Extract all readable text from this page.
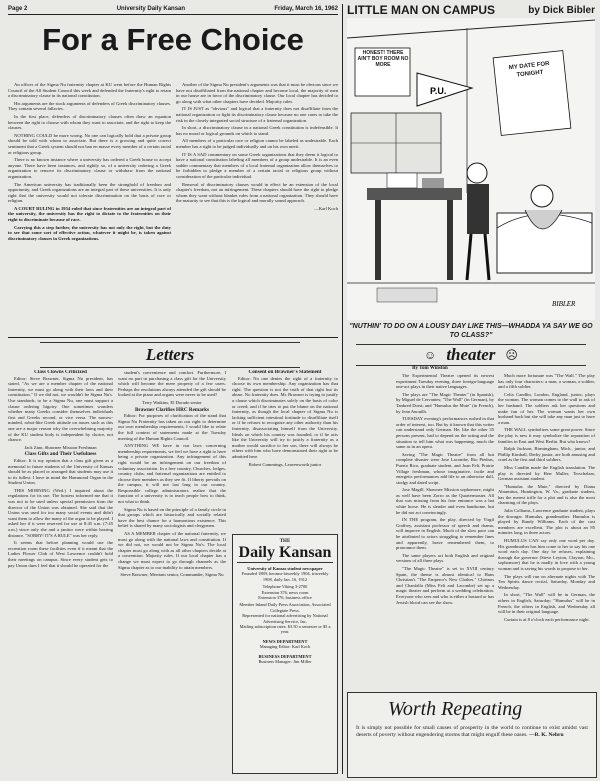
Page 2	University Daily Kansan	Friday, March 16, 1962
For a Free Choice

An officer of the Sigma Nu fraternity chapter at KU went before the Human Rights Council of the All Student Council this week and defended the fraternity's right to retain a discriminatory clause in its national constitution.

His arguments are the stock arguments of defenders of Greek discriminatory clauses. They contain several fallacies.

In the first place, defenders of discriminatory clauses often draw an equation between the right to choose with whom they want to associate, and the right to keep the clauses.

NOTHING COULD be more wrong. No one can logically hold that a private group should be told with whom to associate. But there is a growing and quite correct sentiment that a Greek system should not ban en masse every member of a certain racial or religious group.

There is no known instance where a university has ordered a Greek house to accept anyone. There have been instances, and rightly so, of a university ordering a Greek organization to remove its discriminatory clause or withdraw from the national organization.

The American university has traditionally been the stronghold of freedom and opportunity, and Greek organizations are an integral part of these universities. It is only right that the university would not tolerate discrimination on the basis of race or religion.

A COURT RULING in 1954 ruled that since fraternities are an integral part of the university, the university has the right to dictate to the fraternities on their right to discriminate because of race.

Carrying this a step farther, the university has not only the right, but the duty to see that some sort of effective action, whatever it might be, is taken against discriminatory clauses in Greek organizations.

Another of the Sigma Nu president's arguments was that it must be obvious since we have not disaffiliated from the national chapter and become local, the majority of men in our house are in favor of the discriminatory clause. Our local chapter has decided to go along with what other chapters have decided. Majority rules.

IT IS JUST as "obvious" and logical that a fraternity does not disaffiliate from the national organization or fight its discriminatory clause because no one cares to take the risk in the closely integrated social structure of a fraternal organization.

In short, a discriminatory clause in a national Greek constitution is indefensible. It has no moral or logical grounds on which to stand.

All members of a particular race or religion cannot be labeled as undesirable. Each member has a right to be judged individually and on his own merit.

IT IS A SAD commentary on some Greek organizations that they deem it logical to have a national constitution labeling all members of a group undesirable. It is an even sadder commentary that members of a local fraternal organization allow themselves to be forbidden to pledge a member of a certain racial or religious group without consideration of the particular individual.

Removal of discriminatory clauses would in effect be an extension of the local chapter's freedom, not an infringement. These chapters should have the right to pledge whom they want without blanket rules from a national organization. They should have the maturity to see that this is the logical and morally sound approach.

—Karl Koch

LITTLE MAN ON CAMPUS	by Dick Bibler
P.U.
HONEST! THERE AIN'T BOY ROOM NO MORE	MY DATE FOR TONIGHT
BIBLER
"NUTHIN' TO DO ON A LOUSY DAY LIKE THIS—WHADDA YA SAY WE GO TO CLASS?"
☺ theater ☹
By Tom Winston

The Experimental Theatre opened its newest experiment Tuesday evening, three foreign-language one-act plays in their native languages.

The plays are "The Magic Theater" (in Spanish), by Miguel de Cervantes; "The Wall" (in German), by Tankred Dorst; and "Humulus the Mute" (in French), by Jean Anouilh.

TUESDAY evening's performances rushed in that order of interest, too. But by it known that this writer can understand only German. He, like the other 35 persons present, had to depend on the acting and the situation to tell him what was happening, much the same as in an opera.

Saving "The Magic Theatre" from all but complete disaster were Jose Lacombe, Rio Piedras, Puerto Rico, graduate student, and Joan Felt, Prairie Village freshman, whose imaginative, facile and energetic performances add life to an otherwise dull, stodgy and dated script.

Jose Magill, Shawnee Mission sophomore, might as well have been Zorro as the Quartermaster. All that was missing from his four entrance was a hat white horse. He is slender and even handsome, but he did not act convincingly.

IN THE program, the play, directed by Virgil Godfrey, assistant professor of speech and drama, will improve in English. Much of the slow pace can be attributed to actors struggling to remember lines and apparently, brave remembered them, to pronounce them.

The same players act both English and original versions of all three plays.

"The Magic Theatre" is set in XVIII century Spain, the theme is almost identical to Hans Christian's "The Emperor's New Clothes." Chirinos and Chanfalla (Miss Felt and Lacombe) set up a magic theater and perform at a wedding celebration. Everyone who sees and who is either a bastard or has Jewish blood can see the show.

Much more fortunate was "The Wall." The play has only four characters: a man, a woman, a soldier, and a fifth soldier.

Celia Candlin, London, England, junior, plays the woman. The woman comes to the wall to ask of her husband. The soldiers ask her questions and make fun of her. The woman wants her own husband back but she will take any man just to have a man.

THE WALL symbolizes some great power. Since the play is new it may symbolize the separation of families in East and West Berlin. But who knows?

Ralph Jackson, Birmingham, Mich., junior, and Phillip Kimball, Derby junior, are both amusing and cruel as the first and third soldiers.

Miss Candlin made the English translation. The play is directed by Herr Muller, Terschelaar, German assistant student.

"Humulus the Mute," directed by Diana Abramitus, Huntington, W. Va., graduate student, has the merest trifle for a plot and is also the most charming of the plays.

Julia Colliams, Lawrence graduate student, plays the dowager. Humulus, grandmother. Humulus is played by Randy Williams. Each of the cast members are excellent. The plot is about an 85 minutes long, in three actors.

HUMULUS CAN say only one word per day. His grandmother has him come to her to say his one word each day. One day he refuses, explaining through the governor (Steve Leyton, Clayton, Mo., sophomore) that he is madly in love with a young woman and is saving his words to propose to her.

The plays will run on alternate nights with The Ten Spirits dance recital, Saturday, Monday and Wednesday.

In short, "The Wall" will be in German, the others in English, Saturday; "Humulus" will be in French, the others in English, and Wednesday all will be in their original language.

Curtain is at 8 o'clock each performance night.

Letters
Class Clowns Criticized

Editor: Steve Brawner, Sigma Nu president, has stated, "As we are a member chapter of the national fraternity, we must go along with their laws and their constitution." If we did not, we wouldn't be Sigma Nu's. Our standards, to be a Sigma Nu, one must support a clause ordering bigotry. One sometimes wonders whether many Greeks consider themselves individuals first and Greeks second, or vice versa. The narrow-minded, robot-like Greek attitude on issues such as this one are a major reason why the overwhelming majority of the KU student body is independent by choice, not chance.

Jack Zinn, Shawnee Mission Freshman

Class Gifts and Their Usefulness

Editor: It is my opinion that a class gift given as a memorial to future students of the University of Kansas should be as placed or arranged that students may use it to its fullest. I have in mind the Hammond Organ in the Student Union.

THIS MORNING (Wed.) I inquired about the regulations for its use. The hostess informed me that it was not to be used unless special permission from the director of the Union was obtained. She said that the Union was used for too many social events and didn't want them to allow the many of the organ to be played. I asked her if it were reserved for use at 8:45 a.m. (7:45 a.m.) since only she and a janitor were within hearing distance. "SORRY! IT'S A RULE" was her reply.

It seems that before planning would use the recreation room these facilities even if it meant that the Ladies Flower Club of West Lawrence couldn't hold their meetings on campus. Since every student gets to pay Union dues I feel that it should be operated for the

student's convenience and comfort. Furthermore, I want no part in purchasing a class gift for the University which will become the mere property of a few users. Perhaps the resolutions always attended the gift should be looked at the piano and organs were never to be used!

Terry Watkins, El Dorado senior

Brawner Clarifies HRC Remarks

Editor: For purposes of clarification of the stand that Sigma Nu Fraternity has taken on our right to determine our own membership requirements, I would like to relate the full context of statements made at the Tuesday meeting of the Human Rights Council.

ANYTHING WE have in our laws concerning membership requirements, we feel we have a right to have being a private organization. Any infringement of this right would be an infringement on our freedom of voluntary association. In a free country, Churches, lodges, country clubs, and fraternal organizations are entitled to choose their members as they see fit. If liberty prevails on the campus, it will not last long in our country. Responsible college administrators realize that the function of a university is to teach people how to think, not what to think.

Sigma Nu is based on the principle of a family circle in that groups which are historically and socially related have the best chance for a harmonious existence. This belief is shared by many sociologists and clergymen.

AS A MEMBER chapter of the national fraternity, we must go along with the national laws and constitution. If we did not, we would not be Sigma Nu's. The local chapter must go along with as all other chapters decide at a convention. Majority rules. If our local chapter has a change we must expect to go through channels as the Sigma chapter as to our inability to attain members.

Steve Brawner, Merriam senior, Commander, Sigma Nu

Consent on Brawner's Statement

Editor: No one denies the right of a fraternity to choose its own membership. Any organization has that right. The question is not the truth of that right but its abuse. No fraternity does. Mr. Brawner is trying to justify a clause which discriminates solely on the basis of color or creed; and if he tries to put the blame on the national fraternity, as though the local chapter of Sigma Nu is lacking sufficient intestinal fortitude to disaffiliate itself or if he refuses to recognize any other authority than his fraternity, disassociating himself from the University. Ideals on which his country was founded, or if he acts like the University will try to justify a fraternity as a mother would sacrifice to her son, there will always be others with him who have demonstrated their right to be admitted here.

Robert Cummings, Leavenworth junior

THE
Daily Kansan
University of Kansas student newspaper
Founded 1889; became biweekly 1904, triweekly 1908, daily Jan. 16, 1912
Telephone Viking 3-2700
Extension 376, news room
Extension 376, business office
Member Inland Daily Press Association, Associated Collegiate Press.
Represented for national advertising by National Advertising Service, Inc.
Mailing subscription rates: $3.50 a semester or $5 a year.
NEWS DEPARTMENT
Managing Editor: Karl Koch
BUSINESS DEPARTMENT
Business Manager: Jim Miller
Worth Repeating
It is simply not possible for small causes of prosperity in the world to continue to exist amidst vast deserts of poverty without engendering storms that might engulf these oases. —B. K. Nehru
